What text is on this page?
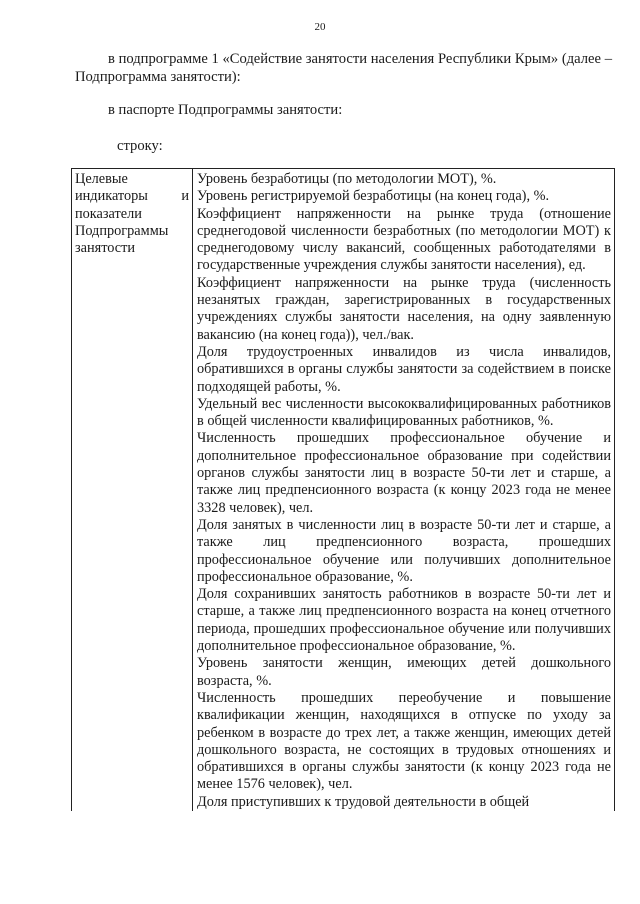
20

в подпрограмме 1 «Содействие занятости населения Республики Крым» (далее – Подпрограмма занятости):

в паспорте Подпрограммы занятости:

строку:

Целевые индикаторы и показатели Подпрограммы занятости

Уровень безработицы (по методологии МОТ), %.
Уровень регистрируемой безработицы (на конец года), %.
Коэффициент напряженности на рынке труда (отношение среднегодовой численности безработных (по методологии МОТ) к среднегодовому числу вакансий, сообщенных работодателями в государственные учреждения службы занятости населения), ед.
Коэффициент напряженности на рынке труда (численность незанятых граждан, зарегистрированных в государственных учреждениях службы занятости населения, на одну заявленную вакансию (на конец года)), чел./вак.
Доля трудоустроенных инвалидов из числа инвалидов, обратившихся в органы службы занятости за содействием в поиске подходящей работы, %.
Удельный вес численности высококвалифицированных работников в общей численности квалифицированных работников, %.
Численность прошедших профессиональное обучение и дополнительное профессиональное образование при содействии органов службы занятости лиц в возрасте 50-ти лет и старше, а также лиц предпенсионного возраста (к концу 2023 года не менее 3328 человек), чел.
Доля занятых в численности лиц в возрасте 50-ти лет и старше, а также лиц предпенсионного возраста, прошедших профессиональное обучение или получивших дополнительное профессиональное образование, %.
Доля сохранивших занятость работников в возрасте 50-ти лет и старше, а также лиц предпенсионного возраста на конец отчетного периода, прошедших профессиональное обучение или получивших дополнительное профессиональное образование, %.
Уровень занятости женщин, имеющих детей дошкольного возраста, %.
Численность прошедших переобучение и повышение квалификации женщин, находящихся в отпуске по уходу за ребенком в возрасте до трех лет, а также женщин, имеющих детей дошкольного возраста, не состоящих в трудовых отношениях и обратившихся в органы службы занятости (к концу 2023 года не менее 1576 человек), чел.
Доля приступивших к трудовой деятельности в общей
